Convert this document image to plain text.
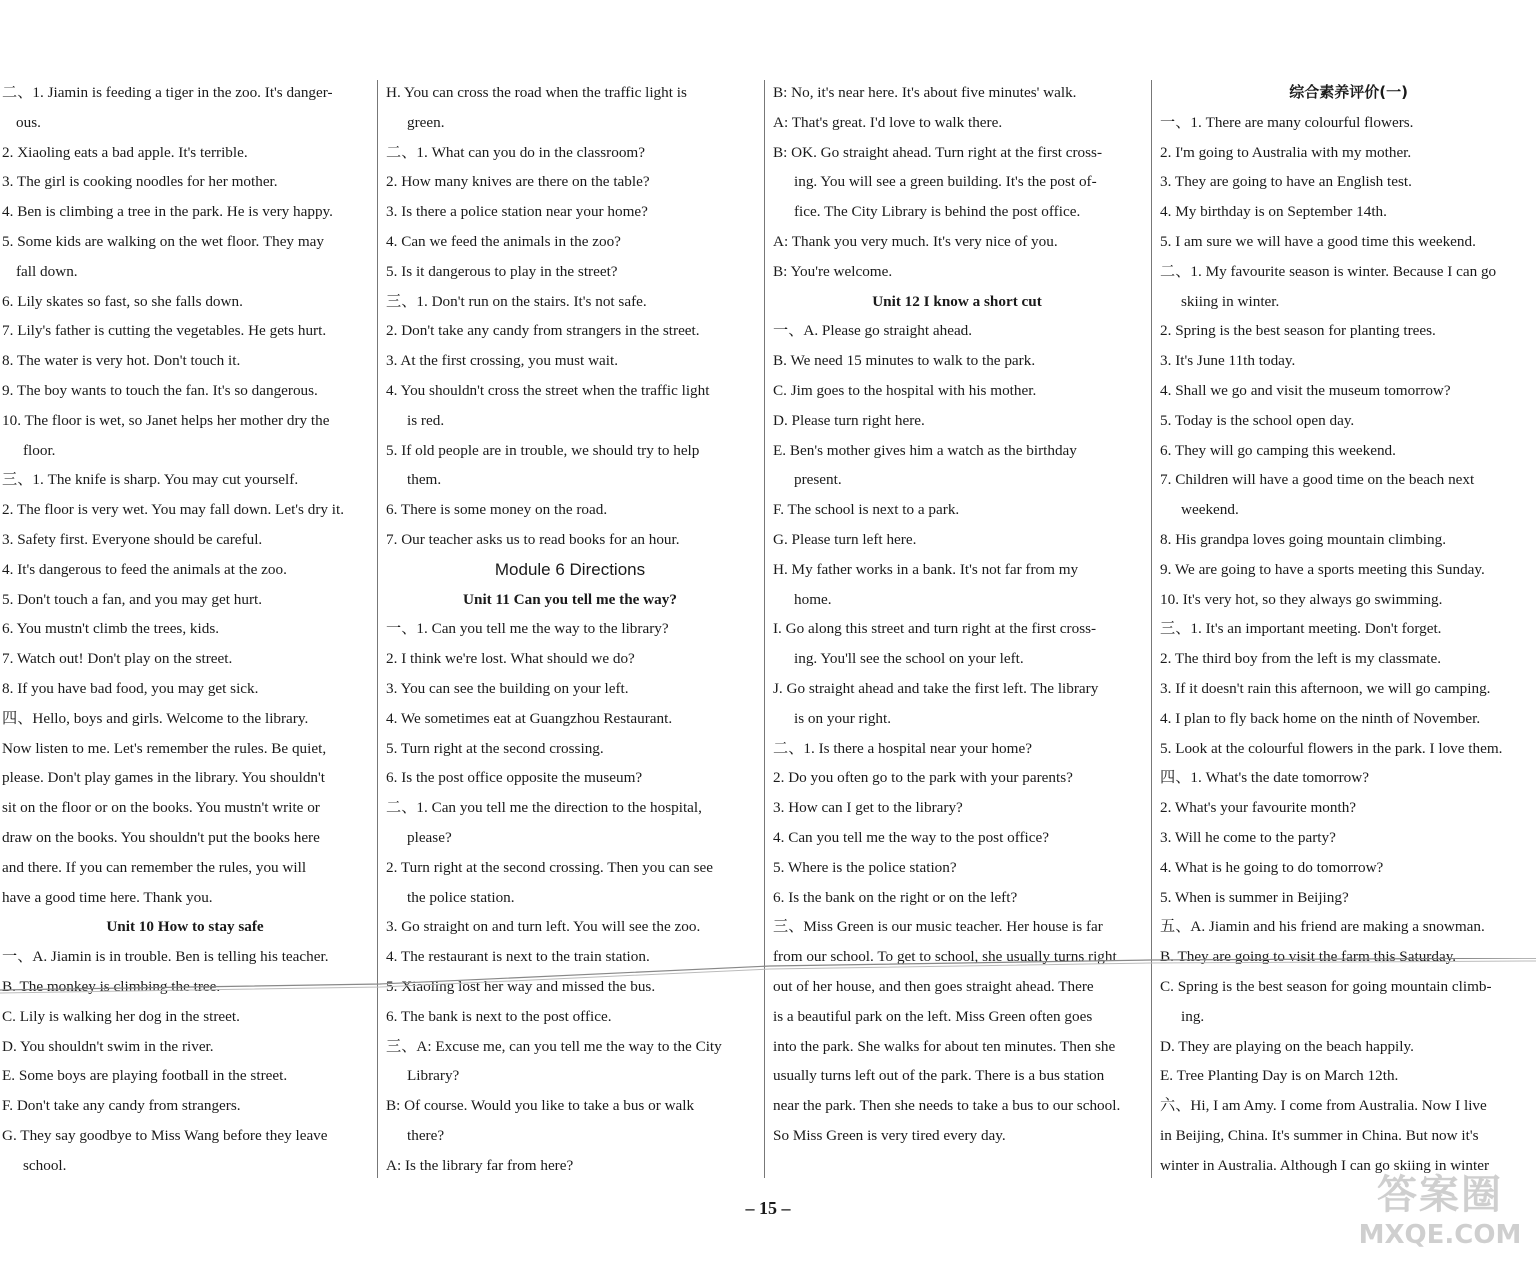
二、1. Jiamin is feeding a tiger in the zoo. It's danger-
ous.
2. Xiaoling eats a bad apple. It's terrible.
3. The girl is cooking noodles for her mother.
4. Ben is climbing a tree in the park. He is very happy.
5. Some kids are walking on the wet floor. They may
fall down.
6. Lily skates so fast, so she falls down.
7. Lily's father is cutting the vegetables. He gets hurt.
8. The water is very hot. Don't touch it.
9. The boy wants to touch the fan. It's so dangerous.
10. The floor is wet, so Janet helps her mother dry the
floor.
三、1. The knife is sharp. You may cut yourself.
2. The floor is very wet. You may fall down. Let's dry it.
3. Safety first. Everyone should be careful.
4. It's dangerous to feed the animals at the zoo.
5. Don't touch a fan, and you may get hurt.
6. You mustn't climb the trees, kids.
7. Watch out! Don't play on the street.
8. If you have bad food, you may get sick.
四、Hello, boys and girls. Welcome to the library.
Now listen to me. Let's remember the rules. Be quiet,
please. Don't play games in the library. You shouldn't
sit on the floor or on the books. You mustn't write or
draw on the books. You shouldn't put the books here
and there. If you can remember the rules, you will
have a good time here. Thank you.
Unit 10 How to stay safe
一、A. Jiamin is in trouble. Ben is telling his teacher.
B. The monkey is climbing the tree.
C. Lily is walking her dog in the street.
D. You shouldn't swim in the river.
E. Some boys are playing football in the street.
F. Don't take any candy from strangers.
G. They say goodbye to Miss Wang before they leave
school.
H. You can cross the road when the traffic light is
green.
二、1. What can you do in the classroom?
2. How many knives are there on the table?
3. Is there a police station near your home?
4. Can we feed the animals in the zoo?
5. Is it dangerous to play in the street?
三、1. Don't run on the stairs. It's not safe.
2. Don't take any candy from strangers in the street.
3. At the first crossing, you must wait.
4. You shouldn't cross the street when the traffic light
is red.
5. If old people are in trouble, we should try to help
them.
6. There is some money on the road.
7. Our teacher asks us to read books for an hour.
Module 6 Directions
Unit 11 Can you tell me the way?
一、1. Can you tell me the way to the library?
2. I think we're lost. What should we do?
3. You can see the building on your left.
4. We sometimes eat at Guangzhou Restaurant.
5. Turn right at the second crossing.
6. Is the post office opposite the museum?
二、1. Can you tell me the direction to the hospital,
please?
2. Turn right at the second crossing. Then you can see
the police station.
3. Go straight on and turn left. You will see the zoo.
4. The restaurant is next to the train station.
5. Xiaoling lost her way and missed the bus.
6. The bank is next to the post office.
三、A: Excuse me, can you tell me the way to the City
Library?
B: Of course. Would you like to take a bus or walk
there?
A: Is the library far from here?
B: No, it's near here. It's about five minutes' walk.
A: That's great. I'd love to walk there.
B: OK. Go straight ahead. Turn right at the first cross-
ing. You will see a green building. It's the post of-
fice. The City Library is behind the post office.
A: Thank you very much. It's very nice of you.
B: You're welcome.
Unit 12 I know a short cut
一、A. Please go straight ahead.
B. We need 15 minutes to walk to the park.
C. Jim goes to the hospital with his mother.
D. Please turn right here.
E. Ben's mother gives him a watch as the birthday
present.
F. The school is next to a park.
G. Please turn left here.
H. My father works in a bank. It's not far from my
home.
I. Go along this street and turn right at the first cross-
ing. You'll see the school on your left.
J. Go straight ahead and take the first left. The library
is on your right.
二、1. Is there a hospital near your home?
2. Do you often go to the park with your parents?
3. How can I get to the library?
4. Can you tell me the way to the post office?
5. Where is the police station?
6. Is the bank on the right or on the left?
三、Miss Green is our music teacher. Her house is far
from our school. To get to school, she usually turns right
out of her house, and then goes straight ahead. There
is a beautiful park on the left. Miss Green often goes
into the park. She walks for about ten minutes. Then she
usually turns left out of the park. There is a bus station
near the park. Then she needs to take a bus to our school.
So Miss Green is very tired every day.
综合素养评价(一)
一、1. There are many colourful flowers.
2. I'm going to Australia with my mother.
3. They are going to have an English test.
4. My birthday is on September 14th.
5. I am sure we will have a good time this weekend.
二、1. My favourite season is winter. Because I can go
skiing in winter.
2. Spring is the best season for planting trees.
3. It's June 11th today.
4. Shall we go and visit the museum tomorrow?
5. Today is the school open day.
6. They will go camping this weekend.
7. Children will have a good time on the beach next
weekend.
8. His grandpa loves going mountain climbing.
9. We are going to have a sports meeting this Sunday.
10. It's very hot, so they always go swimming.
三、1. It's an important meeting. Don't forget.
2. The third boy from the left is my classmate.
3. If it doesn't rain this afternoon, we will go camping.
4. I plan to fly back home on the ninth of November.
5. Look at the colourful flowers in the park. I love them.
四、1. What's the date tomorrow?
2. What's your favourite month?
3. Will he come to the party?
4. What is he going to do tomorrow?
5. When is summer in Beijing?
五、A. Jiamin and his friend are making a snowman.
B. They are going to visit the farm this Saturday.
C. Spring is the best season for going mountain climb-
ing.
D. They are playing on the beach happily.
E. Tree Planting Day is on March 12th.
六、Hi, I am Amy. I come from Australia. Now I live
in Beijing, China. It's summer in China. But now it's
winter in Australia. Although I can go skiing in winter
– 15 –	答案圈
MXQE.COM
